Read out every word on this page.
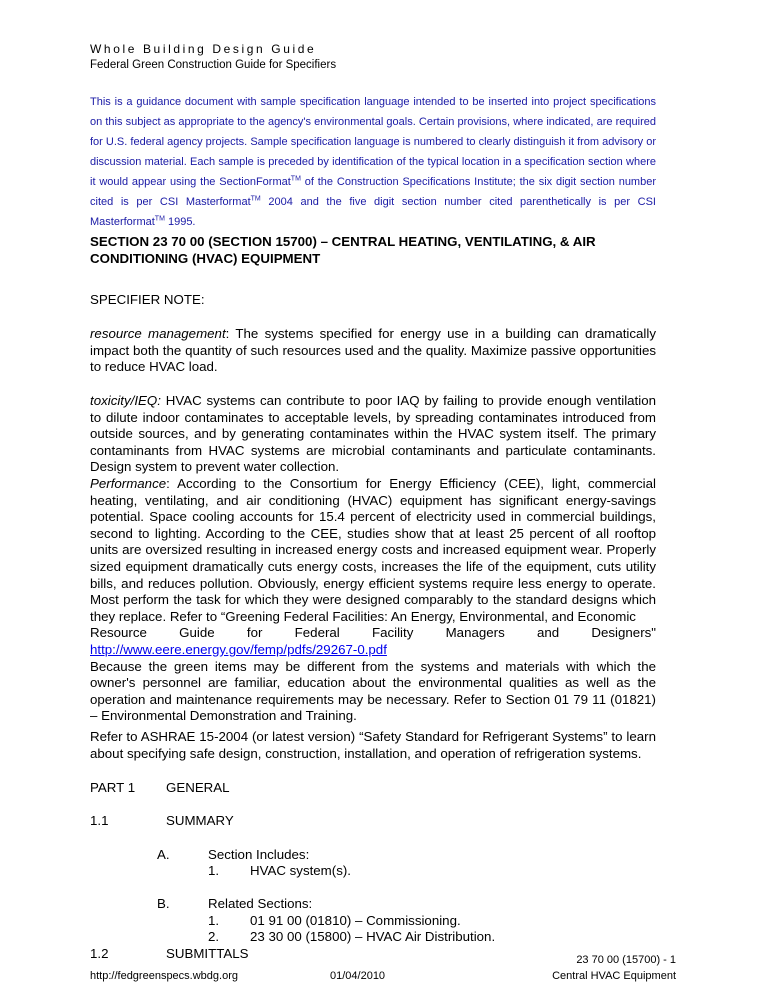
Whole Building Design Guide
Federal Green Construction Guide for Specifiers
This is a guidance document with sample specification language intended to be inserted into project specifications on this subject as appropriate to the agency's environmental goals. Certain provisions, where indicated, are required for U.S. federal agency projects. Sample specification language is numbered to clearly distinguish it from advisory or discussion material. Each sample is preceded by identification of the typical location in a specification section where it would appear using the SectionFormat™ of the Construction Specifications Institute; the six digit section number cited is per CSI Masterformat™ 2004 and the five digit section number cited parenthetically is per CSI Masterformat™ 1995.
SECTION 23 70 00 (SECTION 15700) – CENTRAL HEATING, VENTILATING, & AIR CONDITIONING (HVAC) EQUIPMENT
SPECIFIER NOTE:
resource management: The systems specified for energy use in a building can dramatically impact both the quantity of such resources used and the quality. Maximize passive opportunities to reduce HVAC load.
toxicity/IEQ: HVAC systems can contribute to poor IAQ by failing to provide enough ventilation to dilute indoor contaminates to acceptable levels, by spreading contaminates introduced from outside sources, and by generating contaminates within the HVAC system itself. The primary contaminants from HVAC systems are microbial contaminants and particulate contaminants. Design system to prevent water collection.
Performance: According to the Consortium for Energy Efficiency (CEE), light, commercial heating, ventilating, and air conditioning (HVAC) equipment has significant energy-savings potential. Space cooling accounts for 15.4 percent of electricity used in commercial buildings, second to lighting. According to the CEE, studies show that at least 25 percent of all rooftop units are oversized resulting in increased energy costs and increased equipment wear. Properly sized equipment dramatically cuts energy costs, increases the life of the equipment, cuts utility bills, and reduces pollution. Obviously, energy efficient systems require less energy to operate. Most perform the task for which they were designed comparably to the standard designs which they replace. Refer to “Greening Federal Facilities: An Energy, Environmental, and Economic
Resource Guide for Federal Facility Managers and Designers"
http://www.eere.energy.gov/femp/pdfs/29267-0.pdf
Because the green items may be different from the systems and materials with which the owner's personnel are familiar, education about the environmental qualities as well as the operation and maintenance requirements may be necessary. Refer to Section 01 79 11 (01821) – Environmental Demonstration and Training.
Refer to ASHRAE 15-2004 (or latest version) “Safety Standard for Refrigerant Systems” to learn about specifying safe design, construction, installation, and operation of refrigeration systems.
PART 1 GENERAL
1.1	SUMMARY
A.	Section Includes:
1. HVAC system(s).
B.	Related Sections:
1. 01 91 00 (01810) – Commissioning.
2. 23 30 00 (15800) – HVAC Air Distribution.
1.2	SUBMITTALS
http://fedgreenspecs.wbdg.org	01/04/2010
23 70 00 (15700) - 1
Central HVAC Equipment
